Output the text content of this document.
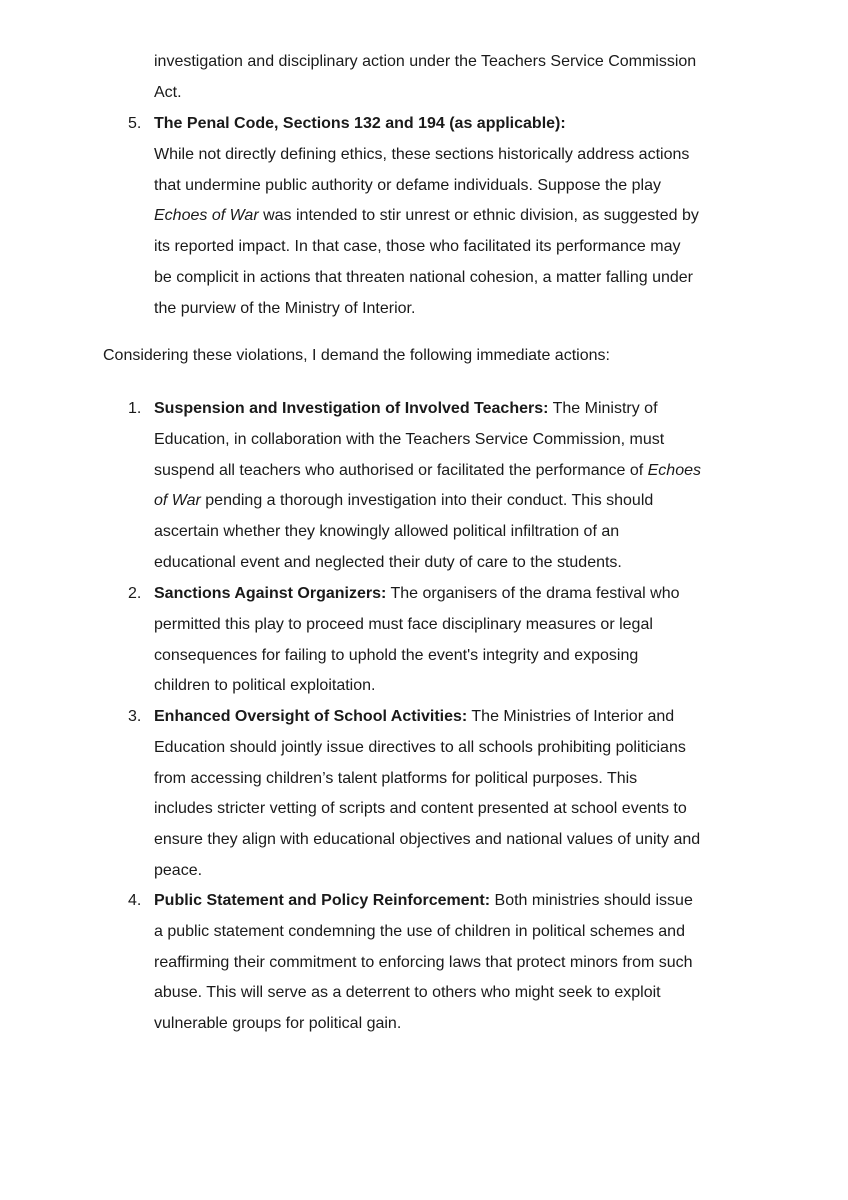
investigation and disciplinary action under the Teachers Service Commission
Act.
5. The Penal Code, Sections 132 and 194 (as applicable):
While not directly defining ethics, these sections historically address actions
that undermine public authority or defame individuals. Suppose the play
Echoes of War was intended to stir unrest or ethnic division, as suggested by
its reported impact. In that case, those who facilitated its performance may
be complicit in actions that threaten national cohesion, a matter falling under
the purview of the Ministry of Interior.
Considering these violations, I demand the following immediate actions:
1. Suspension and Investigation of Involved Teachers: The Ministry of
Education, in collaboration with the Teachers Service Commission, must
suspend all teachers who authorised or facilitated the performance of Echoes
of War pending a thorough investigation into their conduct. This should
ascertain whether they knowingly allowed political infiltration of an
educational event and neglected their duty of care to the students.
2. Sanctions Against Organizers: The organisers of the drama festival who
permitted this play to proceed must face disciplinary measures or legal
consequences for failing to uphold the event's integrity and exposing
children to political exploitation.
3. Enhanced Oversight of School Activities: The Ministries of Interior and
Education should jointly issue directives to all schools prohibiting politicians
from accessing children’s talent platforms for political purposes. This
includes stricter vetting of scripts and content presented at school events to
ensure they align with educational objectives and national values of unity and
peace.
4. Public Statement and Policy Reinforcement: Both ministries should issue
a public statement condemning the use of children in political schemes and
reaffirming their commitment to enforcing laws that protect minors from such
abuse. This will serve as a deterrent to others who might seek to exploit
vulnerable groups for political gain.
